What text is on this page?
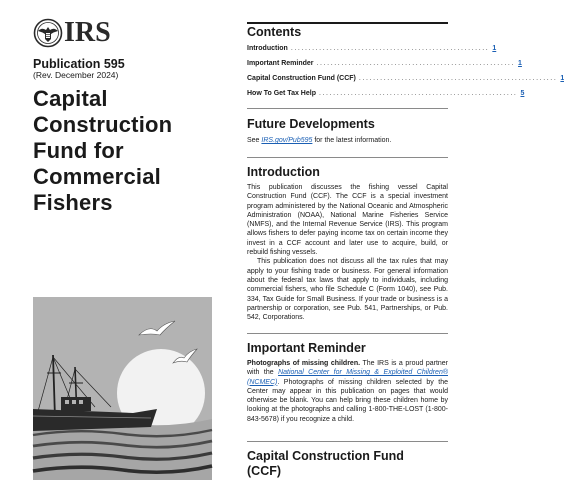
IRS
Publication 595
(Rev. December 2024)
Capital
Construction
Fund for
Commercial
Fishers
Contents
Introduction ........................................................ 1
Important Reminder ........................................................ 1
Capital Construction Fund (CCF) ........................................................ 1
How To Get Tax Help ........................................................ 5
Future Developments
See IRS.gov/Pub595 for the latest information.
Introduction

This publication discusses the fishing vessel Capital Construction Fund (CCF). The CCF is a special investment program administered by the National Oceanic and Atmospheric Administration (NOAA), National Marine Fisheries Service (NMFS), and the Internal Revenue Service (IRS). This program allows fishers to defer paying income tax on certain income they invest in a CCF account and later use to acquire, build, or rebuild fishing vessels.

This publication does not discuss all the tax rules that may apply to your fishing trade or business. For general information about the federal tax laws that apply to individuals, including commercial fishers, who file Schedule C (Form 1040), see Pub. 334, Tax Guide for Small Business. If your trade or business is a partnership or corporation, see Pub. 541, Partnerships, or Pub. 542, Corporations.

Important Reminder
Photographs of missing children. The IRS is a proud partner with the National Center for Missing & Exploited Children® (NCMEC). Photographs of missing children selected by the Center may appear in this publication on pages that would otherwise be blank. You can help bring these children home by looking at the photographs and calling 1-800-THE-LOST (1-800-843-5678) if you recognize a child.
Capital Construction Fund
(CCF)
